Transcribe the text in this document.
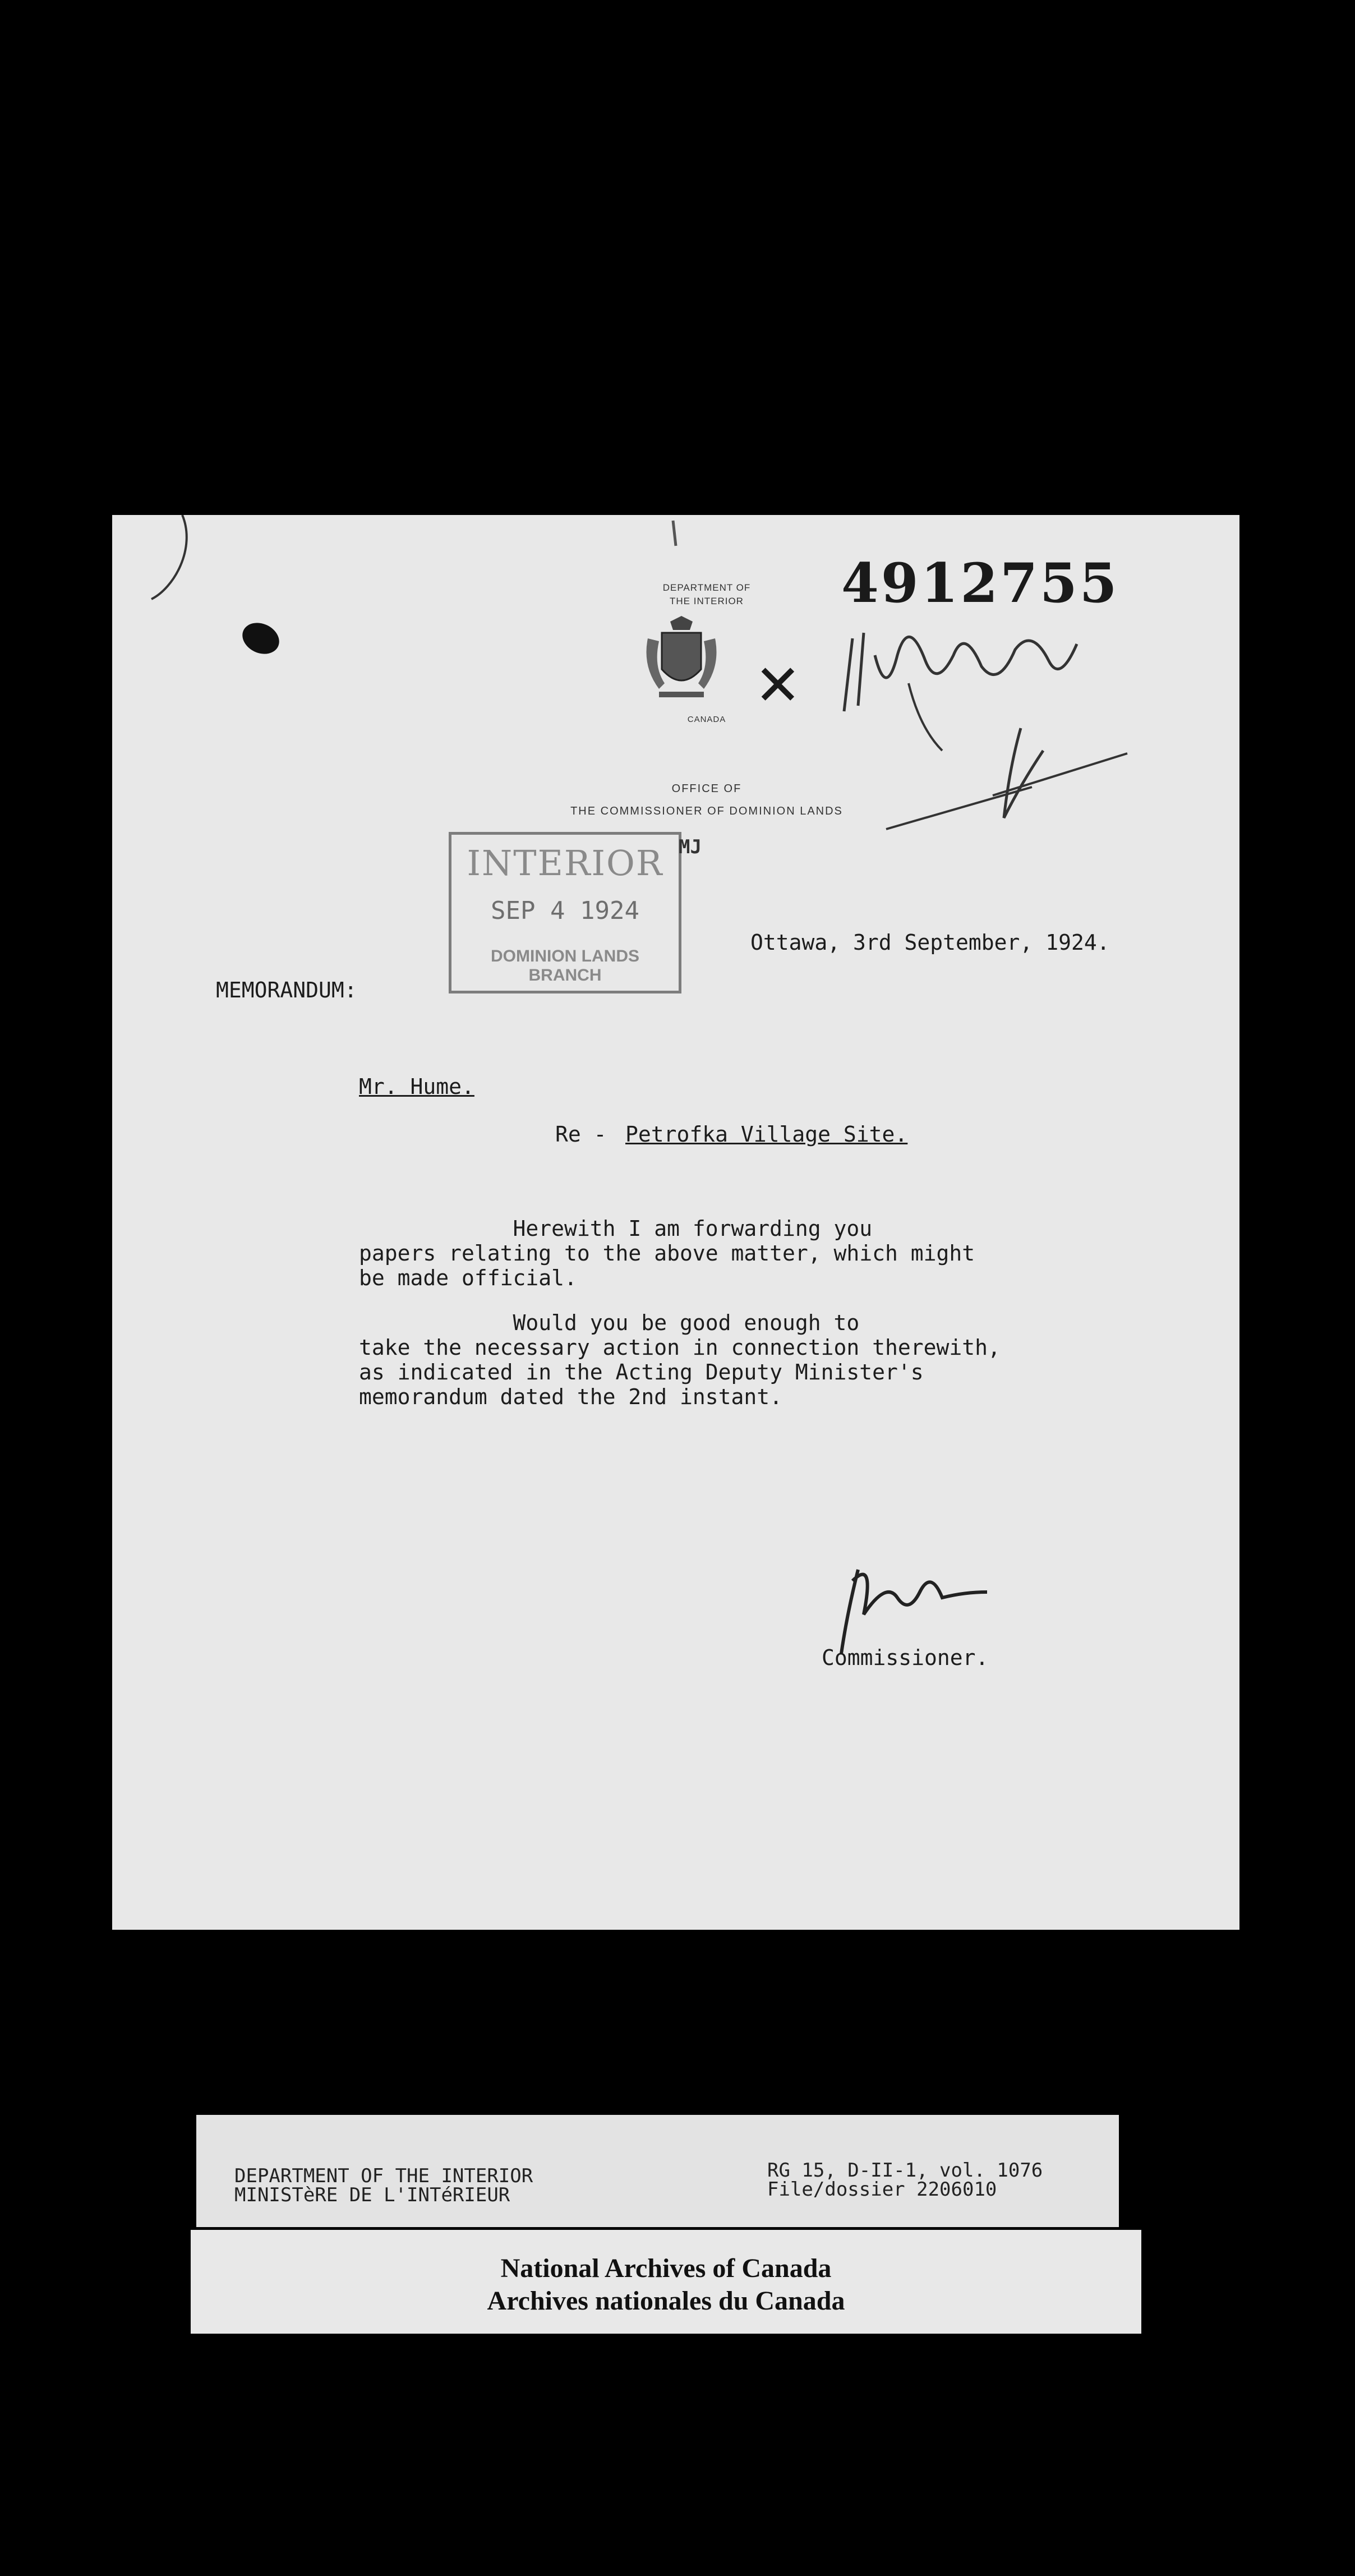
DEPARTMENT OF
THE INTERIOR
CANADA
OFFICE OF
THE COMMISSIONER OF DOMINION LANDS
4912755
✕
INTERIOR
SEP 4 1924
DOMINION LANDS
BRANCH
MJ
MEMORANDUM:
Ottawa, 3rd September, 1924.
Mr. Hume.
Re - Petrofka Village Site.
Herewith I am forwarding you
papers relating to the above matter, which might
be made official.
Would you be good enough to
take the necessary action in connection therewith,
as indicated in the Acting Deputy Minister's
memorandum dated the 2nd instant.
Commissioner.
DEPARTMENT OF THE INTERIOR
MINISTèRE DE L'INTéRIEUR
RG 15, D-II-1, vol. 1076
File/dossier 2206010
National Archives of Canada
Archives nationales du Canada
